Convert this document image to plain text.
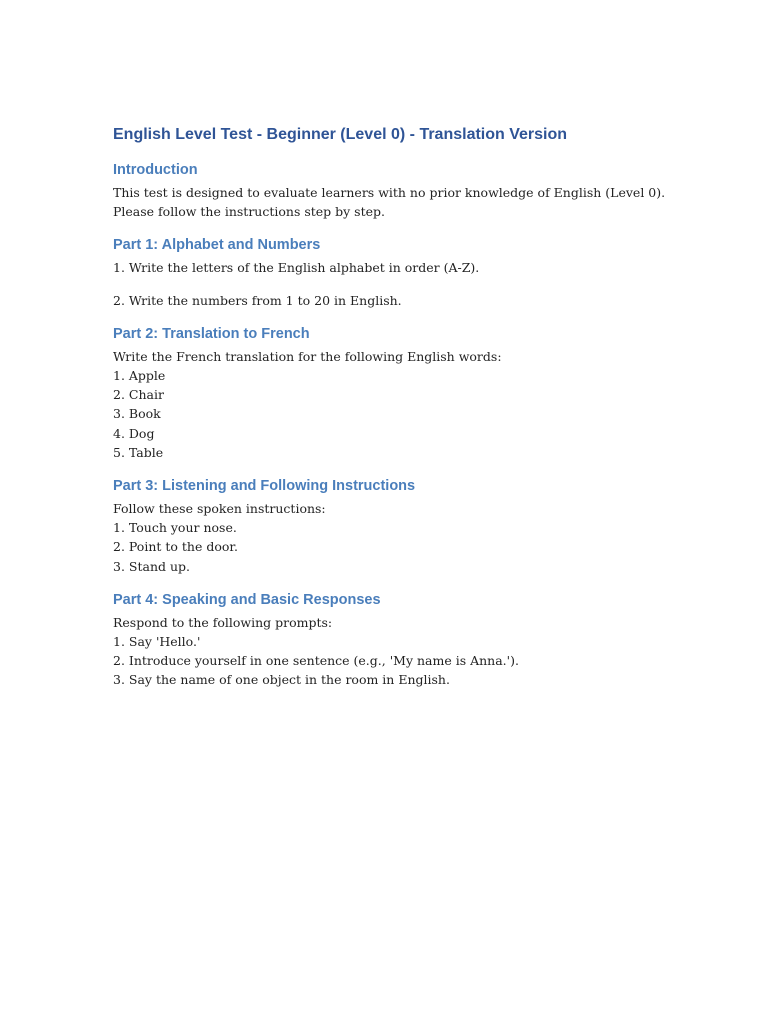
English Level Test - Beginner (Level 0) - Translation Version
Introduction

This test is designed to evaluate learners with no prior knowledge of English (Level 0).

Please follow the instructions step by step.

Part 1: Alphabet and Numbers

1. Write the letters of the English alphabet in order (A-Z).

2. Write the numbers from 1 to 20 in English.

Part 2: Translation to French

Write the French translation for the following English words:

1. Apple

2. Chair

3. Book

4. Dog

5. Table

Part 3: Listening and Following Instructions

Follow these spoken instructions:

1. Touch your nose.

2. Point to the door.

3. Stand up.

Part 4: Speaking and Basic Responses

Respond to the following prompts:

1. Say 'Hello.'

2. Introduce yourself in one sentence (e.g., 'My name is Anna.').

3. Say the name of one object in the room in English.
